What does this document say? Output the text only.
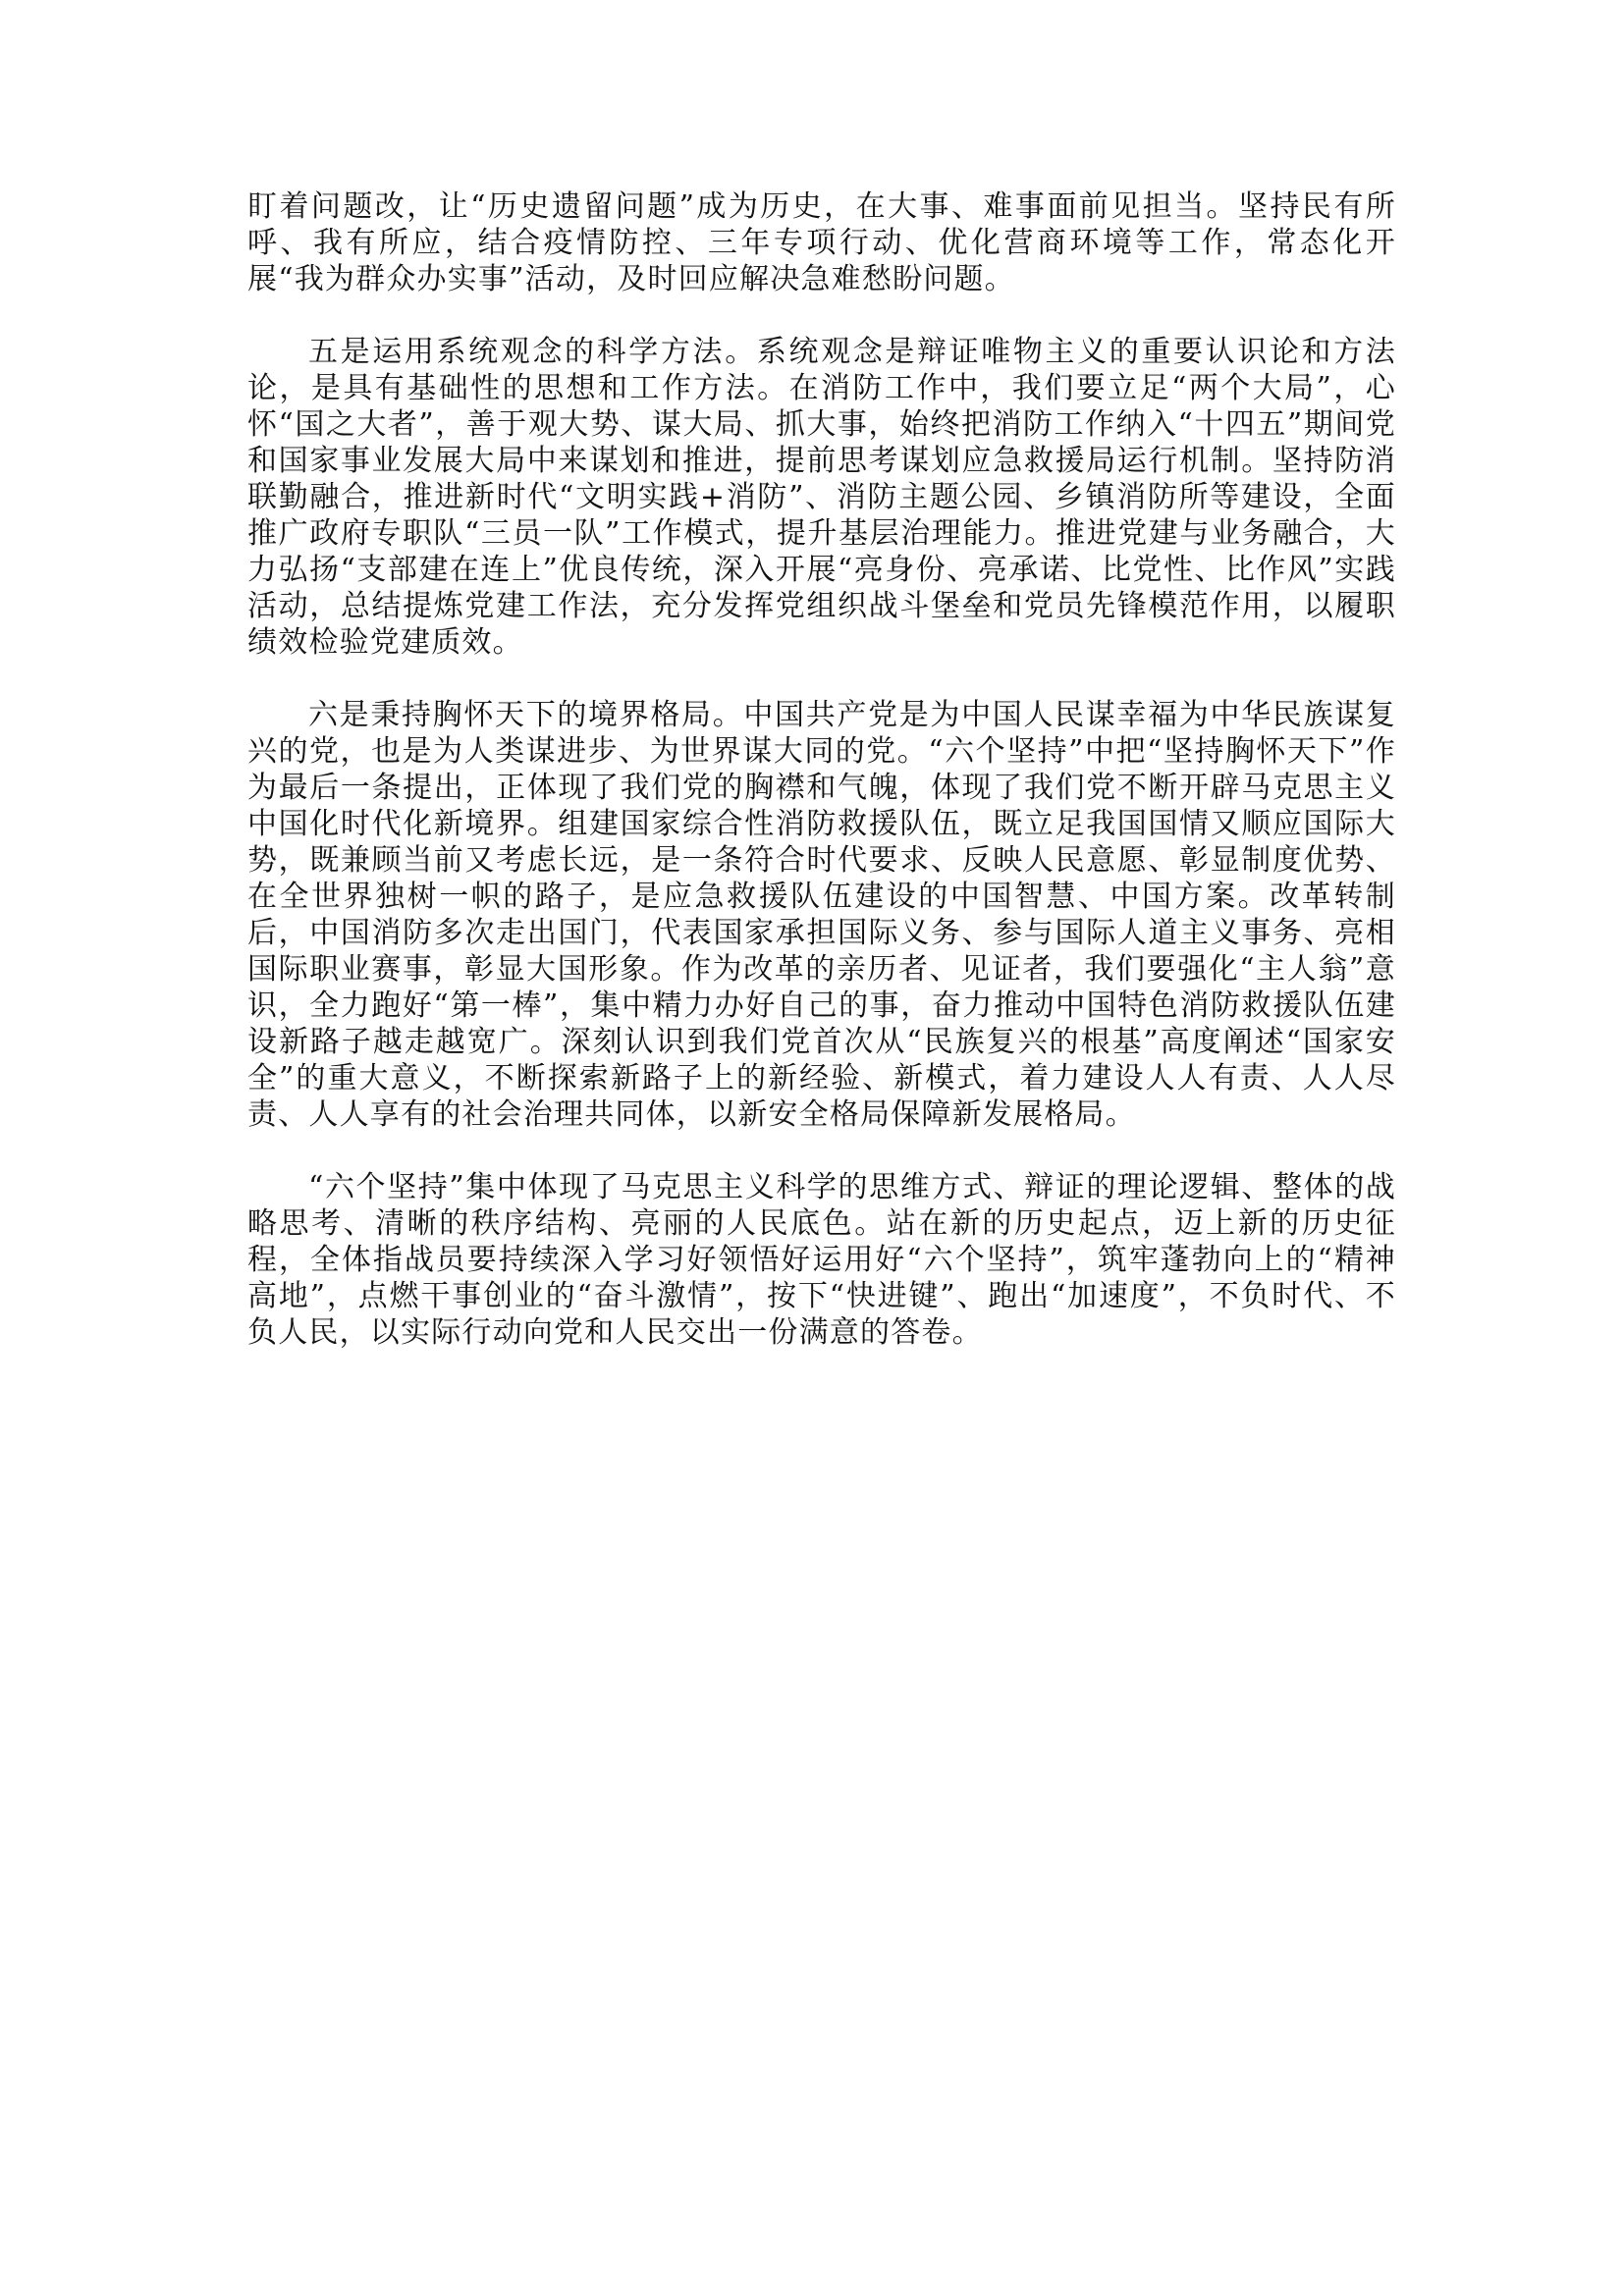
盯着问题改，让“历史遗留问题”成为历史，在大事、难事面前见担当。坚持民有所呼、我有所应，结合疫情防控、三年专项行动、优化营商环境等工作，常态化开展“我为群众办实事”活动，及时回应解决急难愁盼问题。

五是运用系统观念的科学方法。系统观念是辩证唯物主义的重要认识论和方法论，是具有基础性的思想和工作方法。在消防工作中，我们要立足“两个大局”，心怀“国之大者”，善于观大势、谋大局、抓大事，始终把消防工作纳入“十四五”期间党和国家事业发展大局中来谋划和推进，提前思考谋划应急救援局运行机制。坚持防消联勤融合，推进新时代“文明实践+消防”、消防主题公园、乡镇消防所等建设，全面推广政府专职队“三员一队”工作模式，提升基层治理能力。推进党建与业务融合，大力弘扬“支部建在连上”优良传统，深入开展“亮身份、亮承诺、比党性、比作风”实践活动，总结提炼党建工作法，充分发挥党组织战斗堡垒和党员先锋模范作用，以履职绩效检验党建质效。

六是秉持胸怀天下的境界格局。中国共产党是为中国人民谋幸福为中华民族谋复兴的党，也是为人类谋进步、为世界谋大同的党。“六个坚持”中把“坚持胸怀天下”作为最后一条提出，正体现了我们党的胸襟和气魄，体现了我们党不断开辟马克思主义中国化时代化新境界。组建国家综合性消防救援队伍，既立足我国国情又顺应国际大势，既兼顾当前又考虑长远，是一条符合时代要求、反映人民意愿、彰显制度优势、在全世界独树一帜的路子，是应急救援队伍建设的中国智慧、中国方案。改革转制后，中国消防多次走出国门，代表国家承担国际义务、参与国际人道主义事务、亮相国际职业赛事，彰显大国形象。作为改革的亲历者、见证者，我们要强化“主人翁”意识，全力跑好“第一棒”，集中精力办好自己的事，奋力推动中国特色消防救援队伍建设新路子越走越宽广。深刻认识到我们党首次从“民族复兴的根基”高度阐述“国家安全”的重大意义，不断探索新路子上的新经验、新模式，着力建设人人有责、人人尽责、人人享有的社会治理共同体，以新安全格局保障新发展格局。

“六个坚持”集中体现了马克思主义科学的思维方式、辩证的理论逻辑、整体的战略思考、清晰的秩序结构、亮丽的人民底色。站在新的历史起点，迈上新的历史征程，全体指战员要持续深入学习好领悟好运用好“六个坚持”，筑牢蓬勃向上的“精神高地”，点燃干事创业的“奋斗激情”，按下“快进键”、跑出“加速度”，不负时代、不负人民，以实际行动向党和人民交出一份满意的答卷。
